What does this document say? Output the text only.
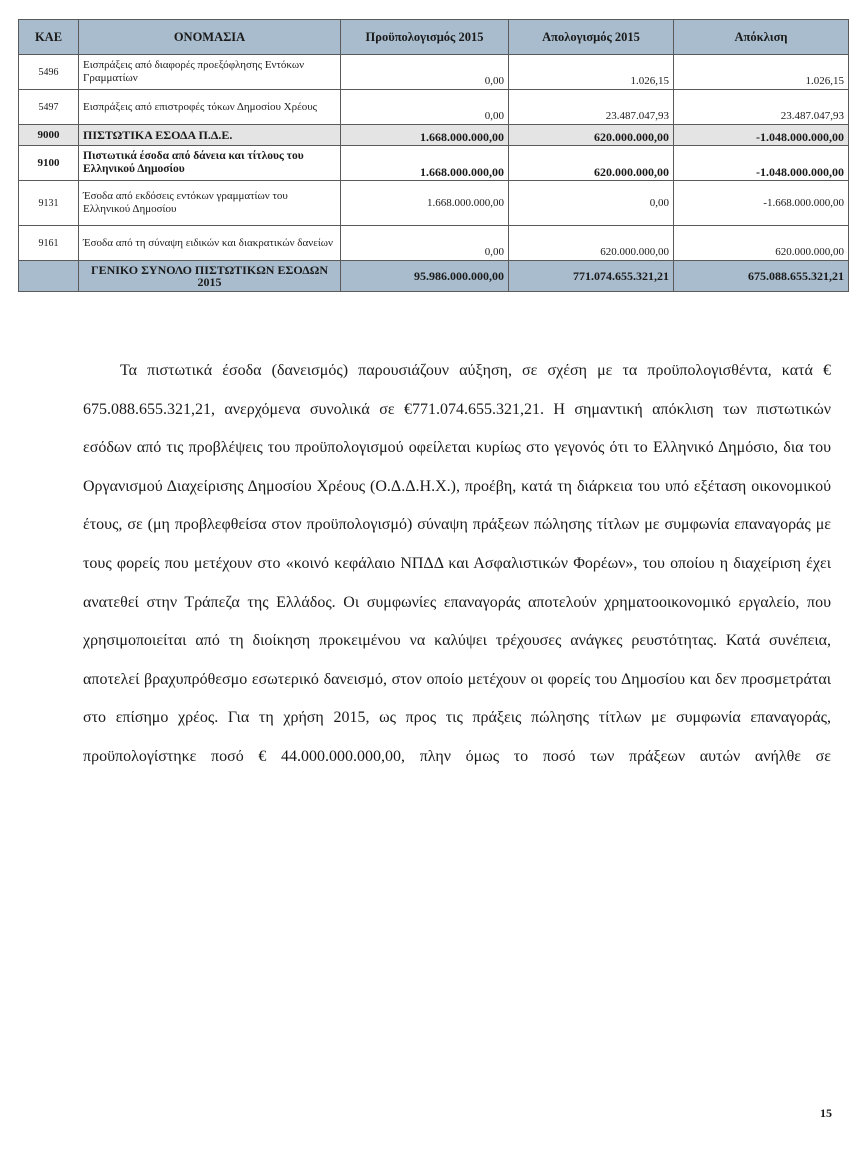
ΚΑΕ	ΟΝΟΜΑΣΙΑ	Προϋπολογισμός 2015	Απολογισμός 2015	Απόκλιση
5496	Εισπράξεις από διαφορές προεξόφλησης Εντόκων Γραμματίων	0,00	1.026,15	1.026,15
5497	Εισπράξεις από επιστροφές τόκων Δημοσίου Χρέους	0,00	23.487.047,93	23.487.047,93
9000	ΠΙΣΤΩΤΙΚΑ ΕΣΟΔΑ Π.Δ.Ε.	1.668.000.000,00	620.000.000,00	-1.048.000.000,00
9100	Πιστωτικά έσοδα από δάνεια και τίτλους του Ελληνικού Δημοσίου	1.668.000.000,00	620.000.000,00	-1.048.000.000,00
9131	Έσοδα από εκδόσεις εντόκων γραμματίων του Ελληνικού Δημοσίου	1.668.000.000,00	0,00	-1.668.000.000,00
9161	Έσοδα από τη σύναψη ειδικών και διακρατικών δανείων	0,00	620.000.000,00	620.000.000,00
	ΓΕΝΙΚΟ ΣΥΝΟΛΟ ΠΙΣΤΩΤΙΚΩΝ ΕΣΟΔΩΝ 2015	95.986.000.000,00	771.074.655.321,21	675.088.655.321,21

Τα πιστωτικά έσοδα (δανεισμός) παρουσιάζουν αύξηση, σε σχέση με τα προϋπολογισθέντα, κατά € 675.088.655.321,21, ανερχόμενα συνολικά σε €771.074.655.321,21. Η σημαντική απόκλιση των πιστωτικών εσόδων από τις προβλέψεις του προϋπολογισμού οφείλεται κυρίως στο γεγονός ότι το Ελληνικό Δημόσιο, δια του Οργανισμού Διαχείρισης Δημοσίου Χρέους (Ο.Δ.Δ.Η.Χ.), προέβη, κατά τη διάρκεια του υπό εξέταση οικονομικού έτους, σε (μη προβλεφθείσα στον προϋπολογισμό) σύναψη πράξεων πώλησης τίτλων με συμφωνία επαναγοράς με τους φορείς που μετέχουν στο «κοινό κεφάλαιο ΝΠΔΔ και Ασφαλιστικών Φορέων», του οποίου η διαχείριση έχει ανατεθεί στην Τράπεζα της Ελλάδος. Οι συμφωνίες επαναγοράς αποτελούν χρηματοοικονομικό εργαλείο, που χρησιμοποιείται από τη διοίκηση προκειμένου να καλύψει τρέχουσες ανάγκες ρευστότητας. Κατά συνέπεια, αποτελεί βραχυπρόθεσμο εσωτερικό δανεισμό, στον οποίο μετέχουν οι φορείς του Δημοσίου και δεν προσμετράται στο επίσημο χρέος. Για τη χρήση 2015, ως προς τις πράξεις πώλησης τίτλων με συμφωνία επαναγοράς, προϋπολογίστηκε ποσό € 44.000.000.000,00, πλην όμως το ποσό των πράξεων αυτών ανήλθε σε

15
